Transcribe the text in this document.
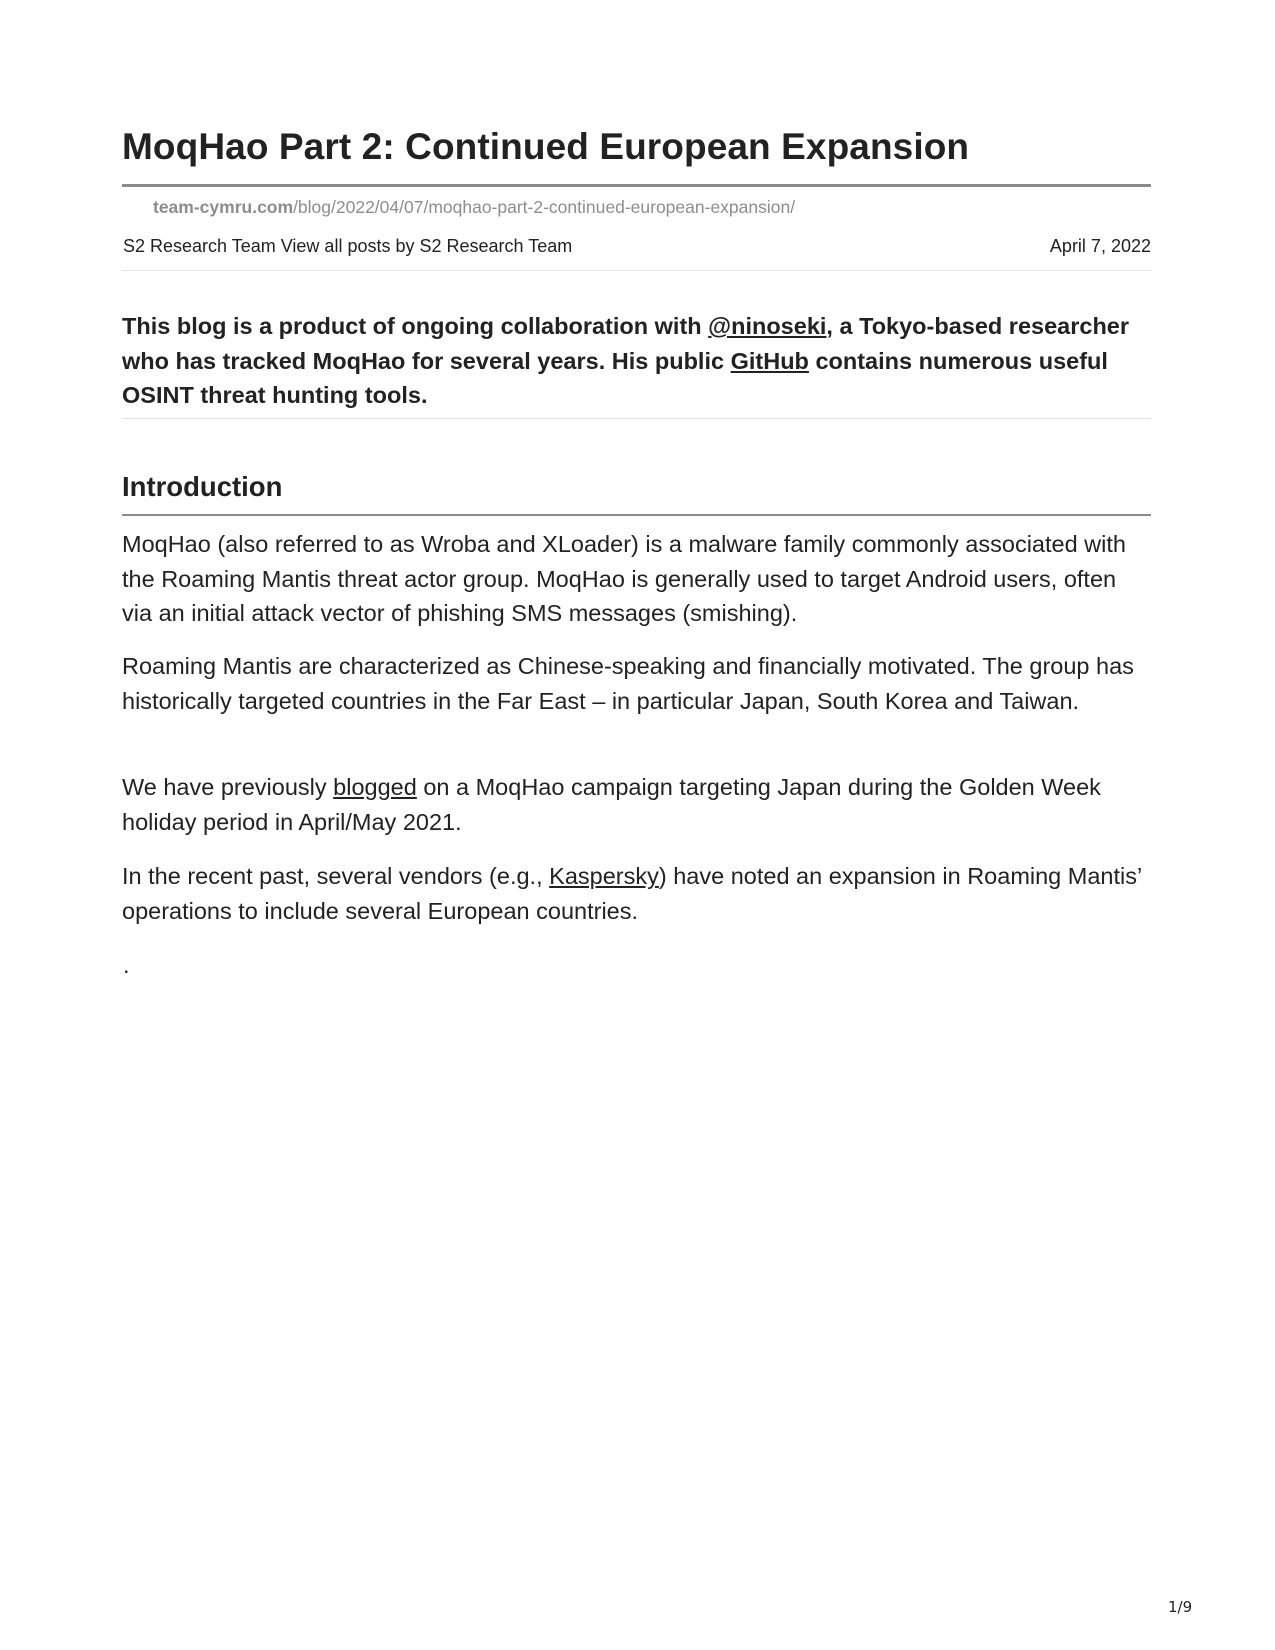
MoqHao Part 2: Continued European Expansion
team-cymru.com/blog/2022/04/07/moqhao-part-2-continued-european-expansion/
S2 Research Team View all posts by S2 Research Team	April 7, 2022

This blog is a product of ongoing collaboration with @ninoseki, a Tokyo-based researcher who has tracked MoqHao for several years. His public GitHub contains numerous useful OSINT threat hunting tools.

Introduction

MoqHao (also referred to as Wroba and XLoader) is a malware family commonly associated with the Roaming Mantis threat actor group. MoqHao is generally used to target Android users, often via an initial attack vector of phishing SMS messages (smishing).

Roaming Mantis are characterized as Chinese-speaking and financially motivated. The group has historically targeted countries in the Far East – in particular Japan, South Korea and Taiwan.

We have previously blogged on a MoqHao campaign targeting Japan during the Golden Week holiday period in April/May 2021.

In the recent past, several vendors (e.g., Kaspersky) have noted an expansion in Roaming Mantis’ operations to include several European countries.

.
1/9
